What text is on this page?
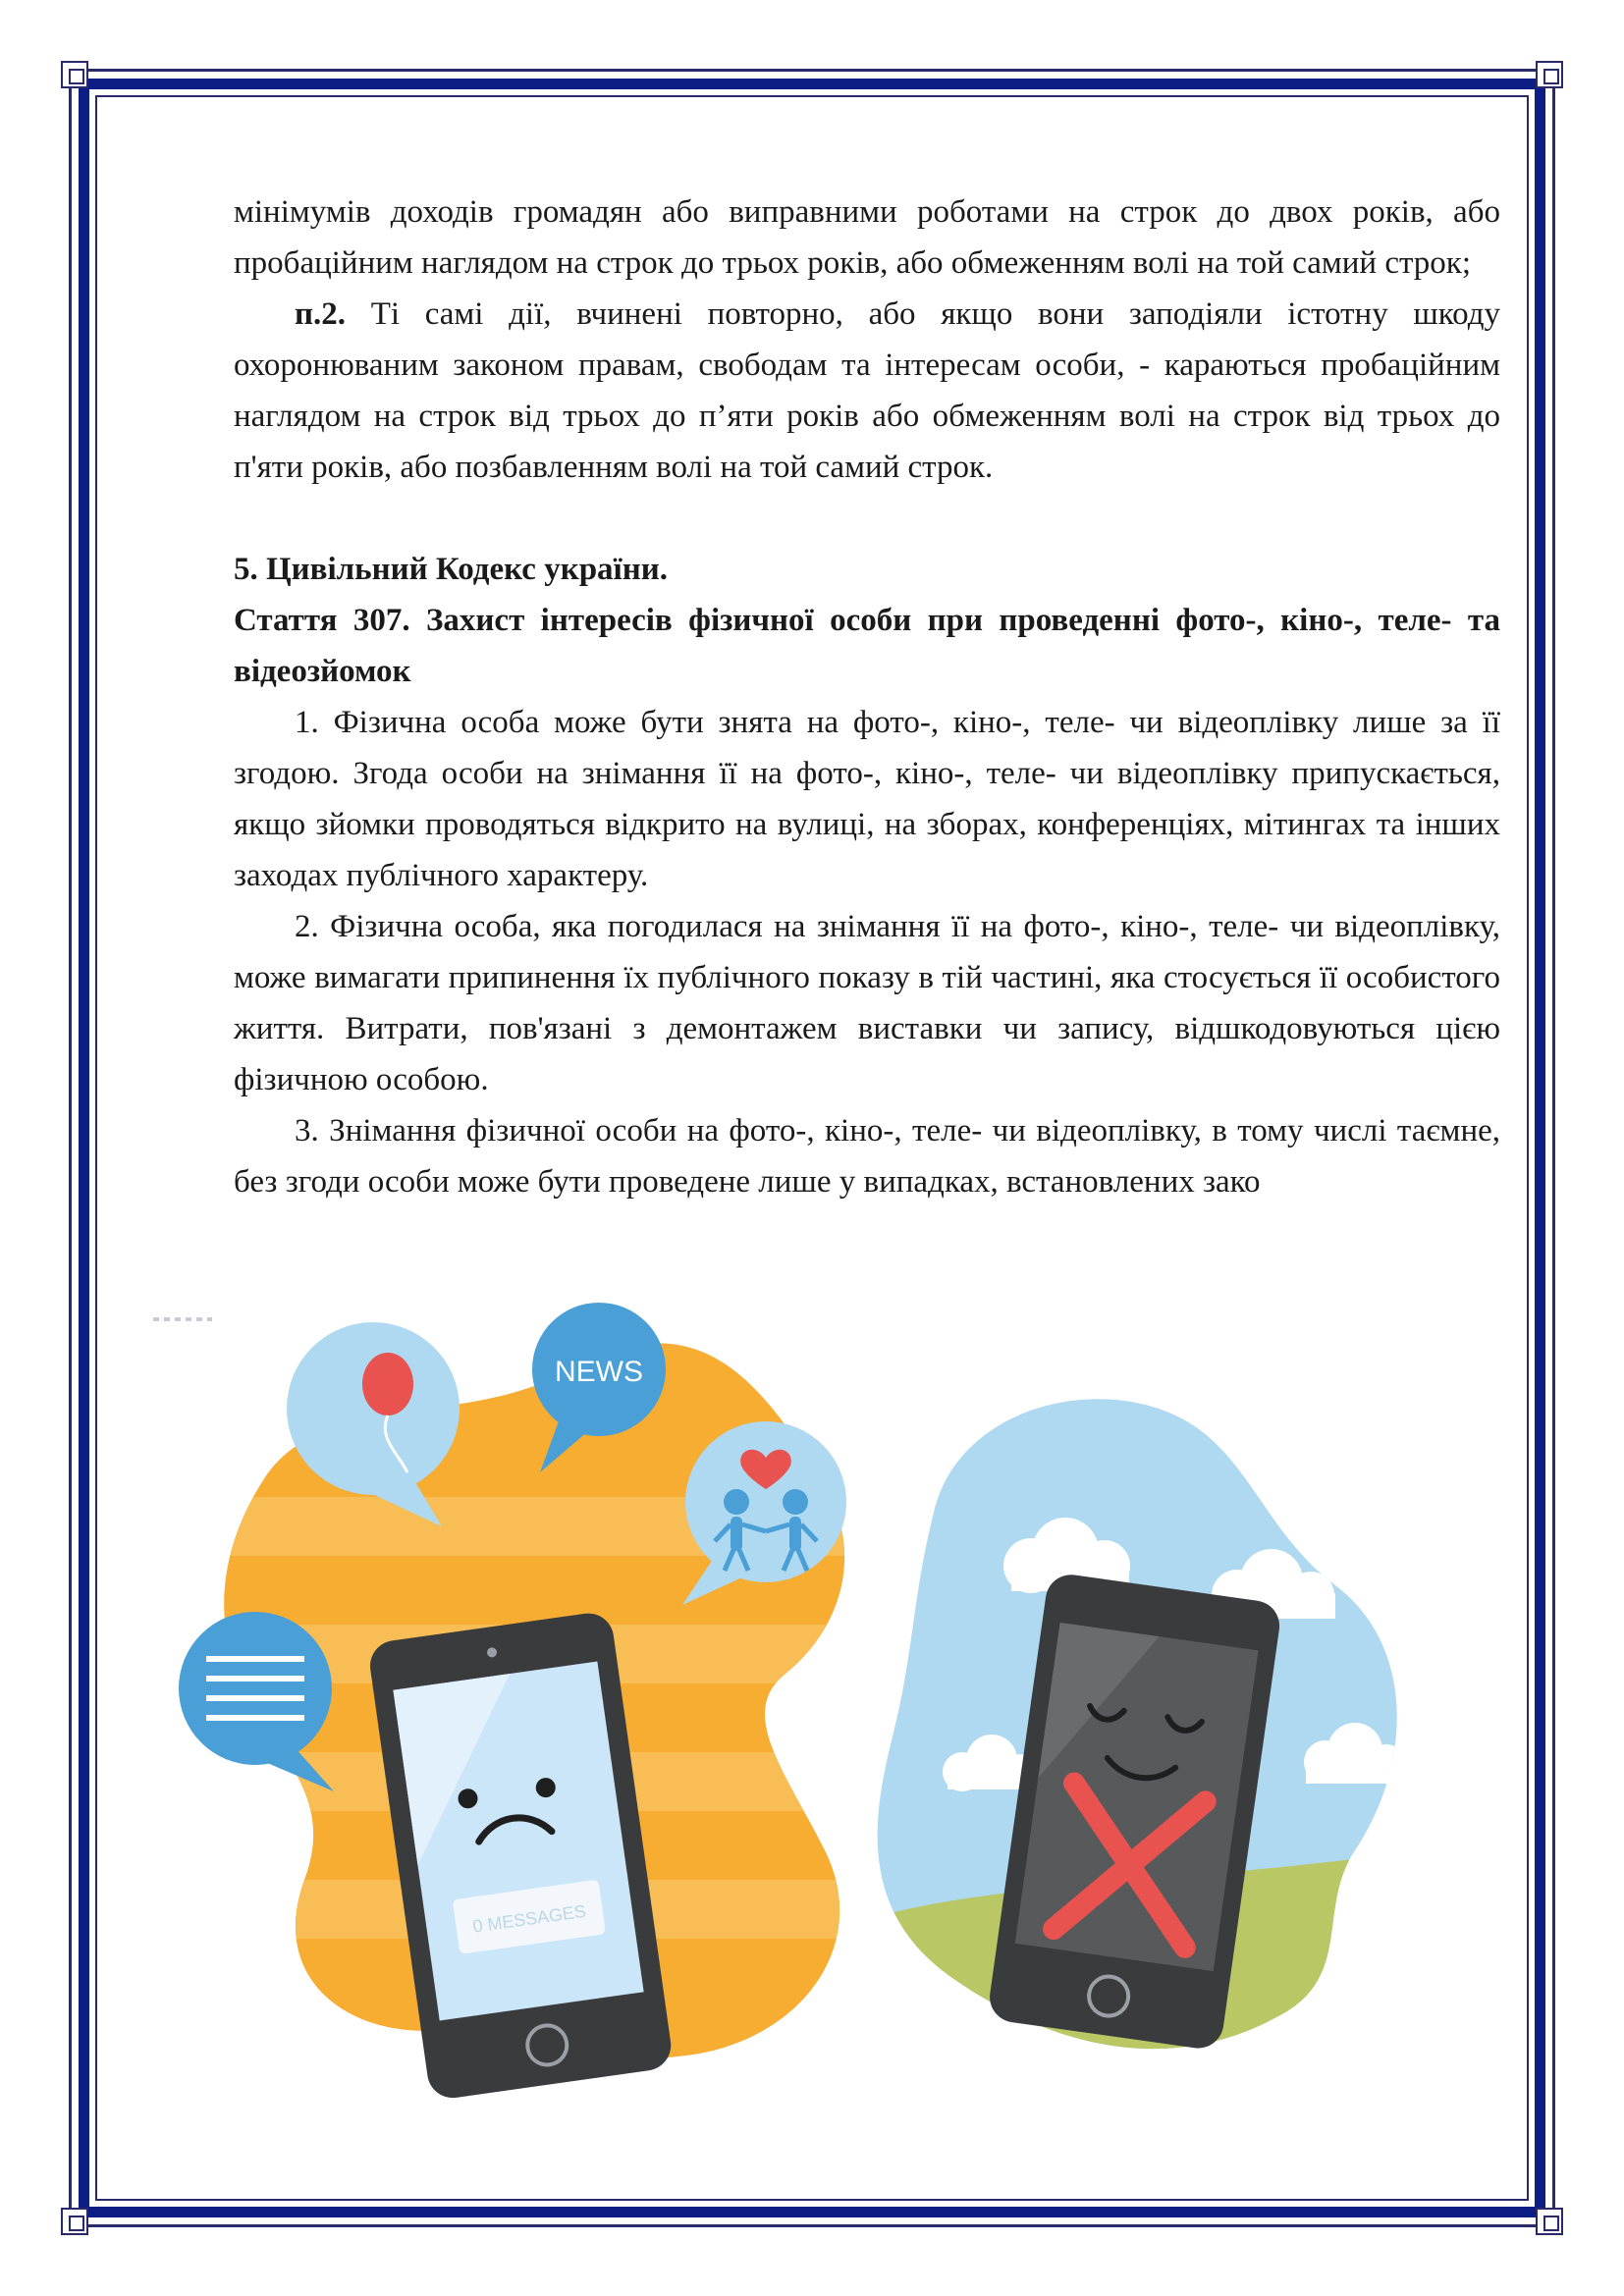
мінімумів доходів громадян або виправними роботами на строк до двох років, або пробаційним наглядом на строк до трьох років, або обмеженням волі на той самий строк;

п.2. Ті самі дії, вчинені повторно, або якщо вони заподіяли істотну шкоду охоронюваним законом правам, свободам та інтересам особи, - караються пробаційним наглядом на строк від трьох до п’яти років або обмеженням волі на строк від трьох до п'яти років, або позбавленням волі на той самий строк.

5. Цивільний Кодекс україни.

Стаття 307. Захист інтересів фізичної особи при проведенні фото-, кіно-, теле- та відеозйомок

1. Фізична особа може бути знята на фото-, кіно-, теле- чи відеоплівку лише за її згодою. Згода особи на знімання її на фото-, кіно-, теле- чи відеоплівку припускається, якщо зйомки проводяться відкрито на вулиці, на зборах, конференціях, мітингах та інших заходах публічного характеру.

2. Фізична особа, яка погодилася на знімання її на фото-, кіно-, теле- чи відеоплівку, може вимагати припинення їх публічного показу в тій частині, яка стосується її особистого життя. Витрати, пов'язані з демонтажем виставки чи запису, відшкодовуються цією фізичною особою.

3. Знімання фізичної особи на фото-, кіно-, теле- чи відеоплівку, в тому числі таємне, без згоди особи може бути проведене лише у випадках, встановлених зако

NEWS
0 MESSAGES
